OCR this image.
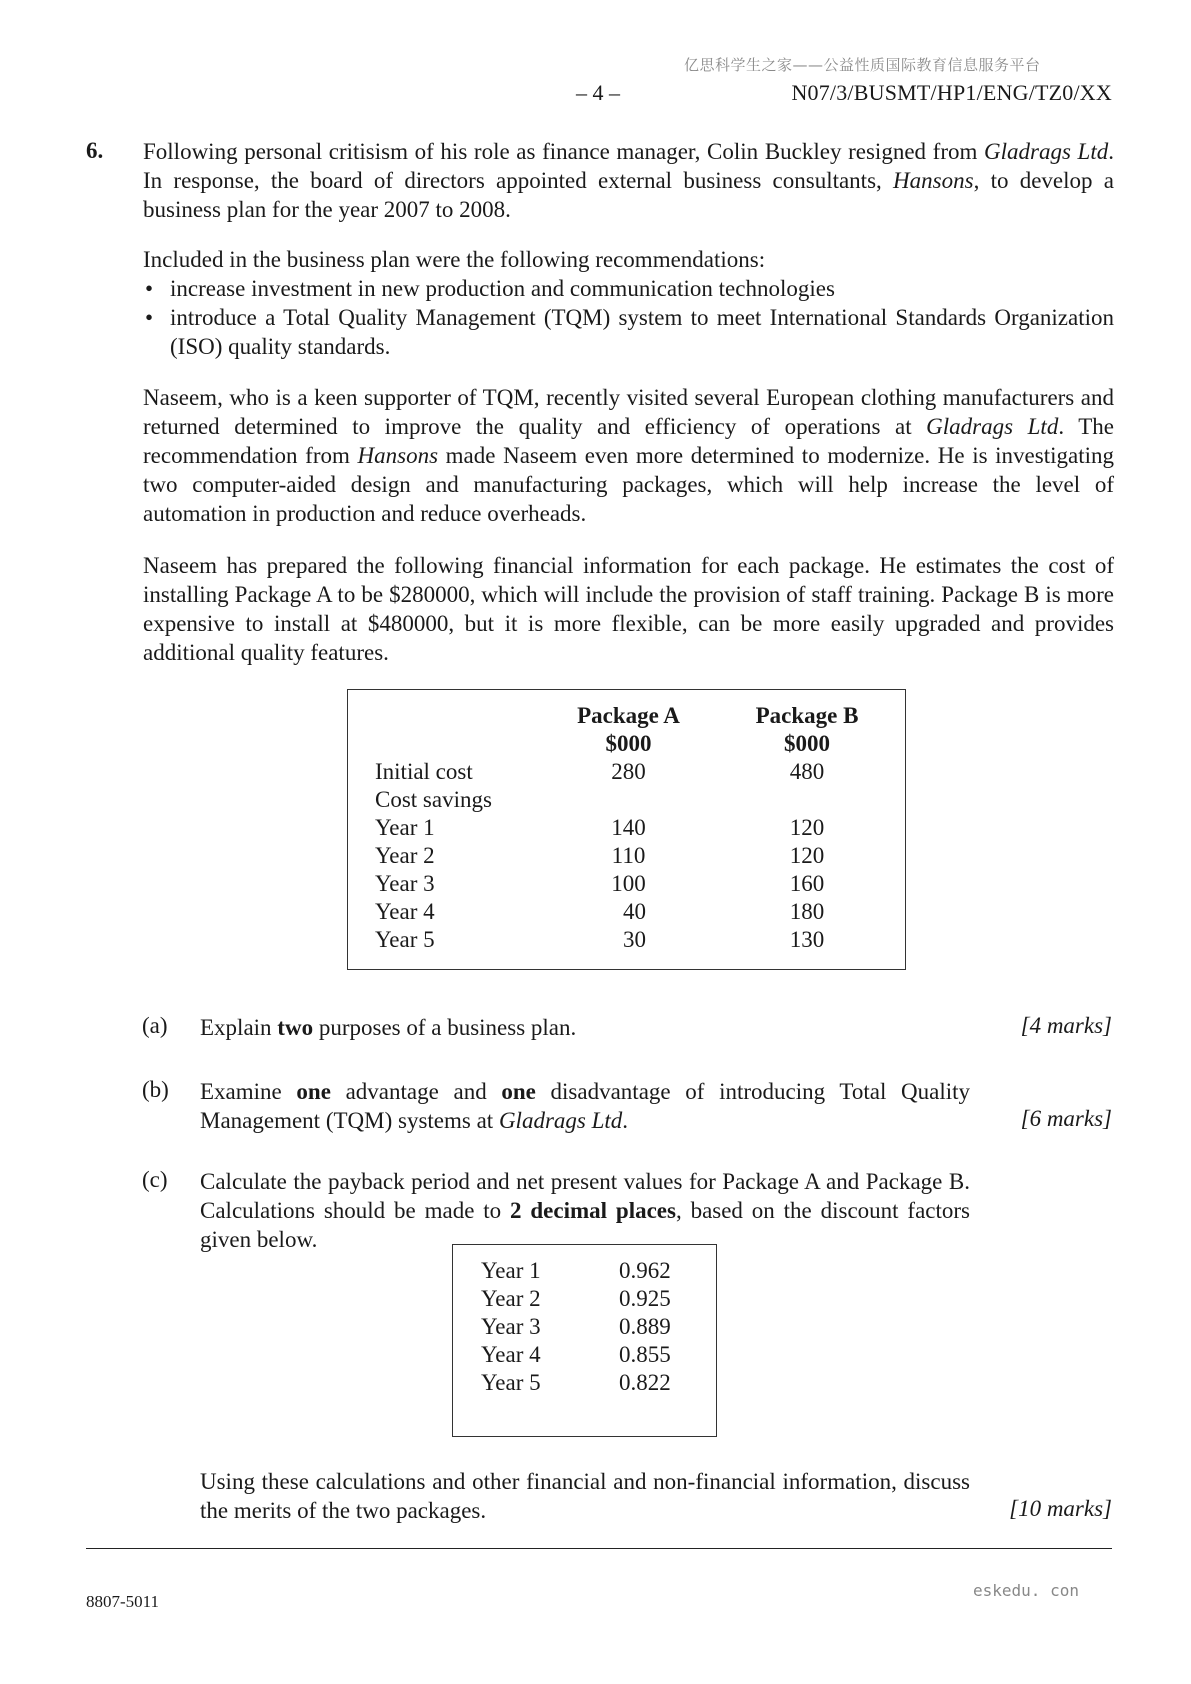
亿思科学生之家——公益性质国际教育信息服务平台
– 4 –	N07/3/BUSMT/HP1/ENG/TZ0/XX
6. Following personal critisism of his role as finance manager, Colin Buckley resigned from Gladrags Ltd. In response, the board of directors appointed external business consultants, Hansons, to develop a business plan for the year 2007 to 2008.

Included in the business plan were the following recommendations:

• increase investment in new production and communication technologies
• introduce a Total Quality Management (TQM) system to meet International Standards Organization (ISO) quality standards.

Naseem, who is a keen supporter of TQM, recently visited several European clothing manufacturers and returned determined to improve the quality and efficiency of operations at Gladrags Ltd. The recommendation from Hansons made Naseem even more determined to modernize. He is investigating two computer-aided design and manufacturing packages, which will help increase the level of automation in production and reduce overheads.

Naseem has prepared the following financial information for each package. He estimates the cost of installing Package A to be $280000, which will include the provision of staff training. Package B is more expensive to install at $480000, but it is more flexible, can be more easily upgraded and provides additional quality features.

	Package A	Package B
	$000	$000
Initial cost	280	480
Cost savings		
Year 1	140	120
Year 2	110	120
Year 3	100	160
Year 4	40	180
Year 5	30	130
(a) Explain two purposes of a business plan.	[4 marks]
(b) Examine one advantage and one disadvantage of introducing Total Quality Management (TQM) systems at Gladrags Ltd.	[6 marks]
(c) Calculate the payback period and net present values for Package A and Package B. Calculations should be made to 2 decimal places, based on the discount factors given below.

Year 1	0.962
Year 2	0.925
Year 3	0.889
Year 4	0.855
Year 5	0.822

Using these calculations and other financial and non-financial information, discuss the merits of the two packages.	[10 marks]
8807-5011
eskedu. con
